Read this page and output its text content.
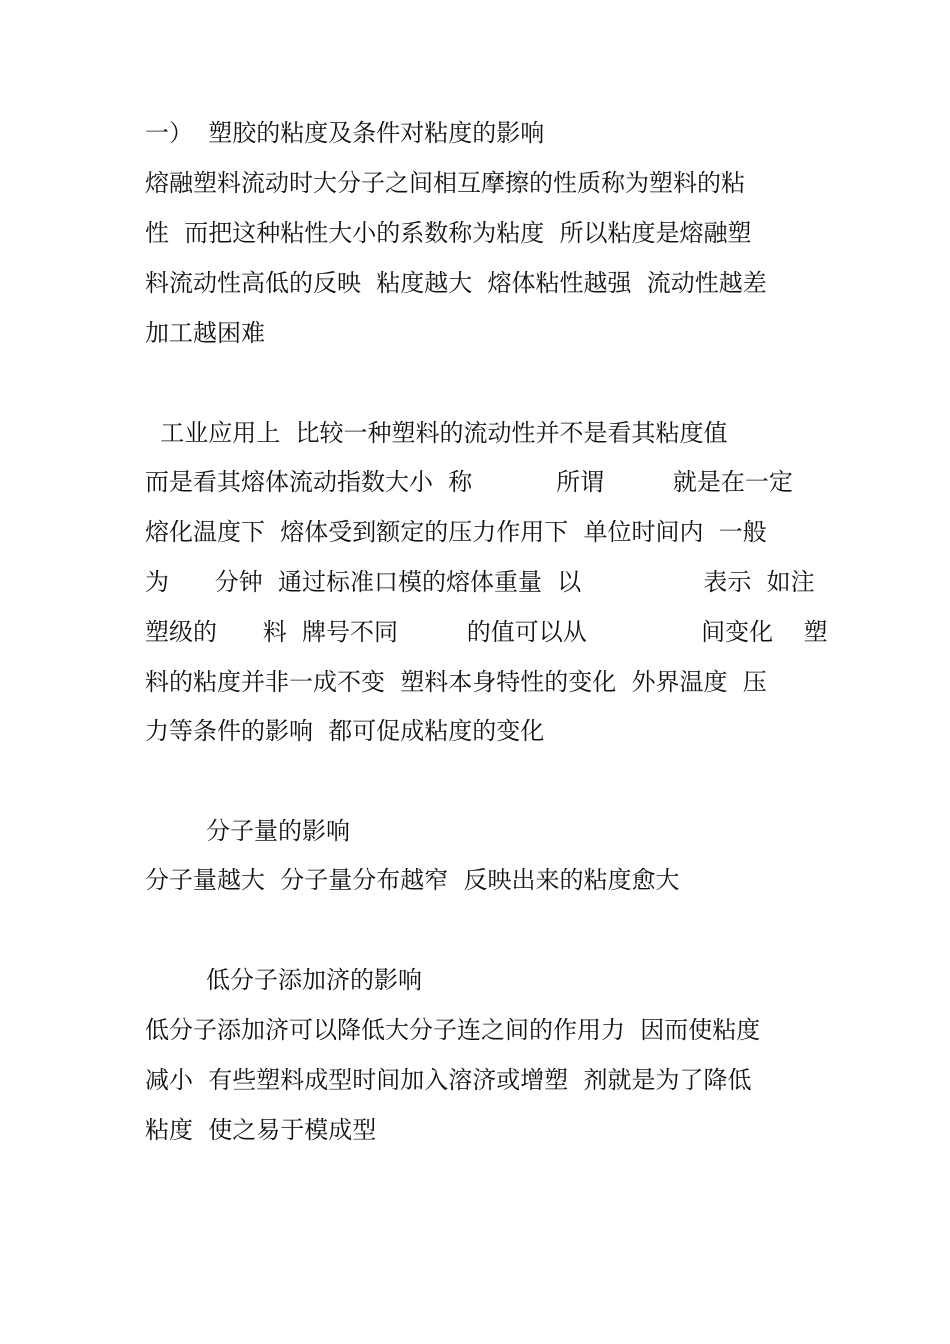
一）  塑胶的粘度及条件对粘度的影响
熔融塑料流动时大分子之间相互摩擦的性质称为塑料的粘
性  而把这种粘性大小的系数称为粘度  所以粘度是熔融塑
料流动性高低的反映  粘度越大  熔体粘性越强  流动性越差
加工越困难
工业应用上  比较一种塑料的流动性并不是看其粘度值
而是看其熔体流动指数大小  称           所谓         就是在一定
熔化温度下  熔体受到额定的压力作用下  单位时间内  一般
为      分钟  通过标准口模的熔体重量  以                表示  如注
塑级的      料  牌号不同         的值可以从               间变化    塑
料的粘度并非一成不变  塑料本身特性的变化  外界温度  压
力等条件的影响  都可促成粘度的变化
分子量的影响
分子量越大  分子量分布越窄  反映出来的粘度愈大
低分子添加济的影响
低分子添加济可以降低大分子连之间的作用力  因而使粘度
减小  有些塑料成型时间加入溶济或增塑  剂就是为了降低
粘度  使之易于模成型
